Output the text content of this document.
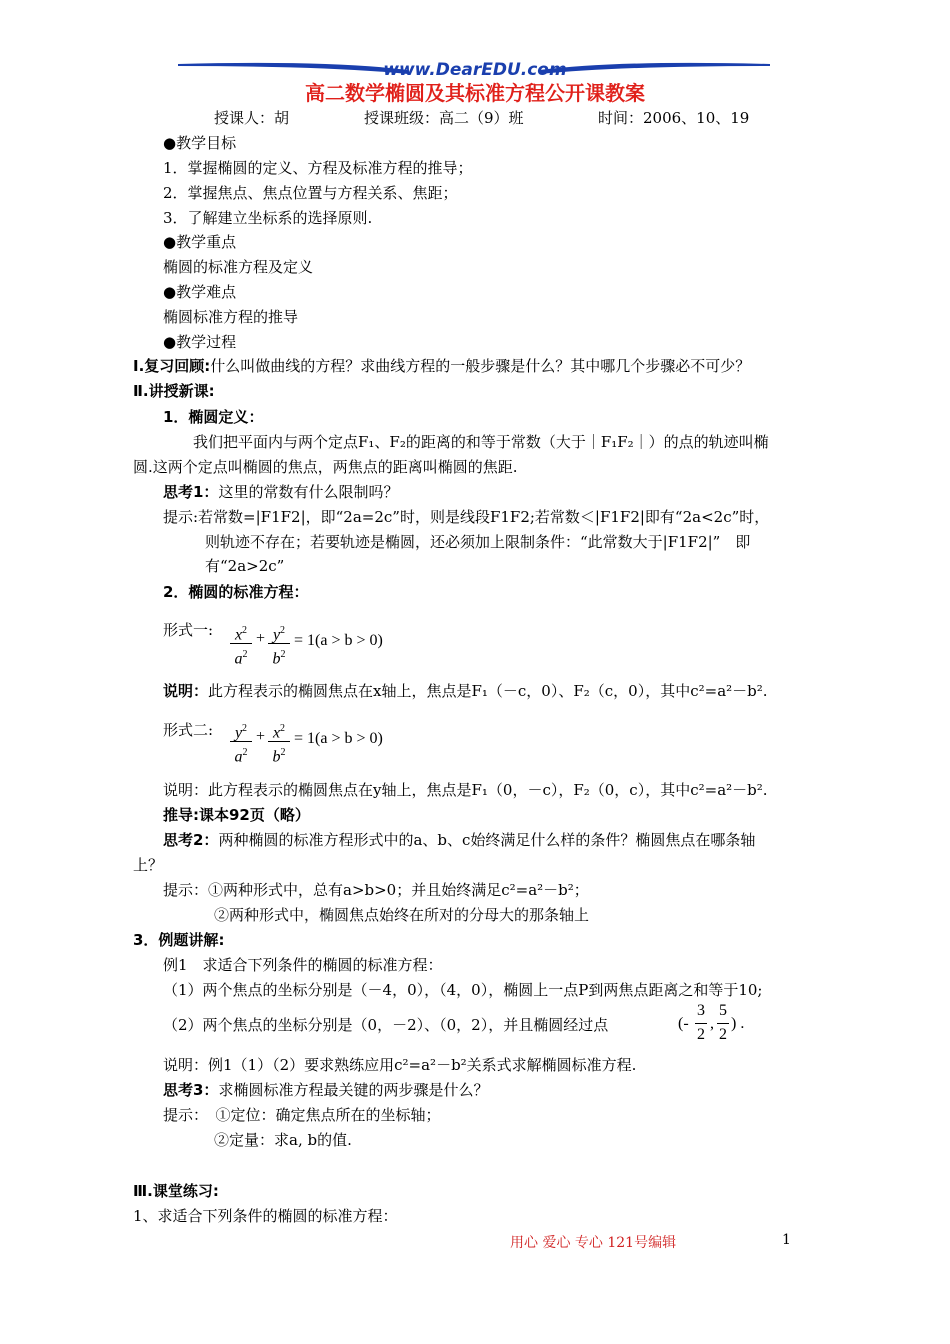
www.DearEDU.com
高二数学椭圆及其标准方程公开课教案
授课人：胡	授课班级：高二（9）班	时间：2006、10、19
●教学目标
1．掌握椭圆的定义、方程及标准方程的推导；
2．掌握焦点、焦点位置与方程关系、焦距；
3．了解建立坐标系的选择原则.
●教学重点
椭圆的标准方程及定义
●教学难点
椭圆标准方程的推导
●教学过程
Ⅰ.复习回顾:什么叫做曲线的方程？求曲线方程的一般步骤是什么？其中哪几个步骤必不可少？
Ⅱ.讲授新课:
1．椭圆定义：
我们把平面内与两个定点F₁、F₂的距离的和等于常数（大于｜F₁F₂｜）的点的轨迹叫椭
圆.这两个定点叫椭圆的焦点，两焦点的距离叫椭圆的焦距.
思考1：这里的常数有什么限制吗？
提示:若常数=|F1F2|，即“2a=2c”时，则是线段F1F2;若常数＜|F1F2|即有“2a<2c”时，
则轨迹不存在；若要轨迹是椭圆，还必须加上限制条件：“此常数大于|F1F2|”　即
有“2a>2c”
2．椭圆的标准方程：
形式一:	$x^2$
$a^2$
+ $y^2$
$b^2$
= 1(a > b > 0)
说明：此方程表示的椭圆焦点在x轴上，焦点是F₁（－c，0）、F₂（c，0），其中c²=a²－b².
形式二:	$y^2$
$a^2$
+ $x^2$
$b^2$
= 1(a > b > 0)
说明：此方程表示的椭圆焦点在y轴上，焦点是F₁（0，－c），F₂（0，c），其中c²=a²－b².
推导:课本92页（略）
思考2：两种椭圆的标准方程形式中的a、b、c始终满足什么样的条件？椭圆焦点在哪条轴
上？
提示：①两种形式中，总有a>b>0；并且始终满足c²=a²－b²；
②两种形式中，椭圆焦点始终在所对的分母大的那条轴上
3．例题讲解:
例1　求适合下列条件的椭圆的标准方程：
（1）两个焦点的坐标分别是（－4，0），（4，0），椭圆上一点P到两焦点距离之和等于10;
（2）两个焦点的坐标分别是（0，－2）、（0，2），并且椭圆经过点	(-
3
2
,
5
2
) .
说明：例1（1）（2）要求熟练应用c²=a²－b²关系式求解椭圆标准方程.
思考3：求椭圆标准方程最关键的两步骤是什么？
提示：　①定位：确定焦点所在的坐标轴；
②定量：求a, b的值.
Ⅲ.课堂练习:
1、求适合下列条件的椭圆的标准方程：
用心 爱心 专心 121号编辑	1
